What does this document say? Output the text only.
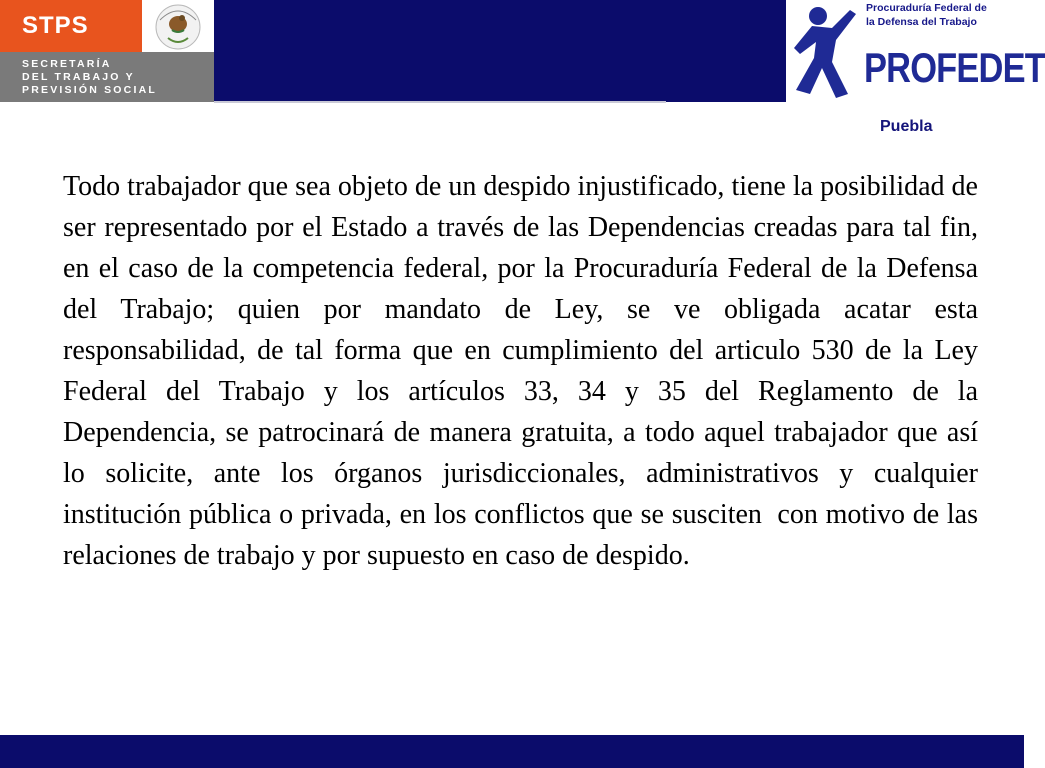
STPS
SECRETARÍA
DEL TRABAJO Y
PREVISIÓN SOCIAL
Procuraduría Federal de
la Defensa del Trabajo
PROFEDET
Puebla
Todo trabajador que sea objeto de un despido injustificado, tiene la posibilidad de ser representado por el Estado a través de las Dependencias creadas para tal fin, en el caso de la competencia federal, por la Procuraduría Federal de la Defensa del Trabajo; quien por mandato de Ley, se ve obligada acatar esta responsabilidad, de tal forma que en cumplimiento del articulo 530 de la Ley Federal del Trabajo y los artículos 33, 34 y 35 del Reglamento de la Dependencia, se patrocinará de manera gratuita, a todo aquel trabajador que así lo solicite, ante los órganos jurisdiccionales, administrativos y cualquier institución pública o privada, en los conflictos que se susciten  con motivo de las relaciones de trabajo y por supuesto en caso de despido.
